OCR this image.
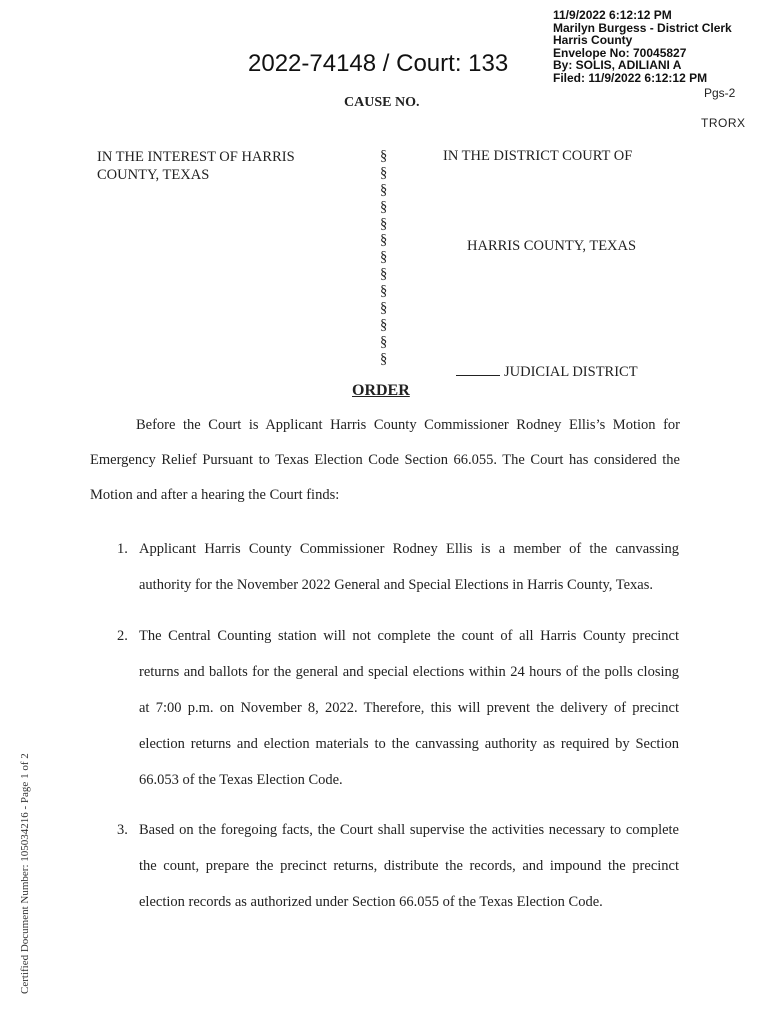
11/9/2022 6:12:12 PM
Marilyn Burgess - District Clerk
Harris County
Envelope No: 70045827
By: SOLIS, ADILIANI A
Filed: 11/9/2022 6:12:12 PM
2022-74148 / Court: 133
Pgs-2
CAUSE NO.
TRORX
IN THE INTEREST OF HARRIS COUNTY, TEXAS
§
§
§
§
§
§
§
§
§
§
§
§
§
IN THE DISTRICT COURT OF
HARRIS COUNTY, TEXAS
JUDICIAL DISTRICT
ORDER
Before the Court is Applicant Harris County Commissioner Rodney Ellis’s Motion for Emergency Relief Pursuant to Texas Election Code Section 66.055. The Court has considered the Motion and after a hearing the Court finds:
1. Applicant Harris County Commissioner Rodney Ellis is a member of the canvassing authority for the November 2022 General and Special Elections in Harris County, Texas.
2. The Central Counting station will not complete the count of all Harris County precinct returns and ballots for the general and special elections within 24 hours of the polls closing at 7:00 p.m. on November 8, 2022. Therefore, this will prevent the delivery of precinct election returns and election materials to the canvassing authority as required by Section 66.053 of the Texas Election Code.
3. Based on the foregoing facts, the Court shall supervise the activities necessary to complete the count, prepare the precinct returns, distribute the records, and impound the precinct election records as authorized under Section 66.055 of the Texas Election Code.
Certified Document Number: 105034216 - Page 1 of 2
